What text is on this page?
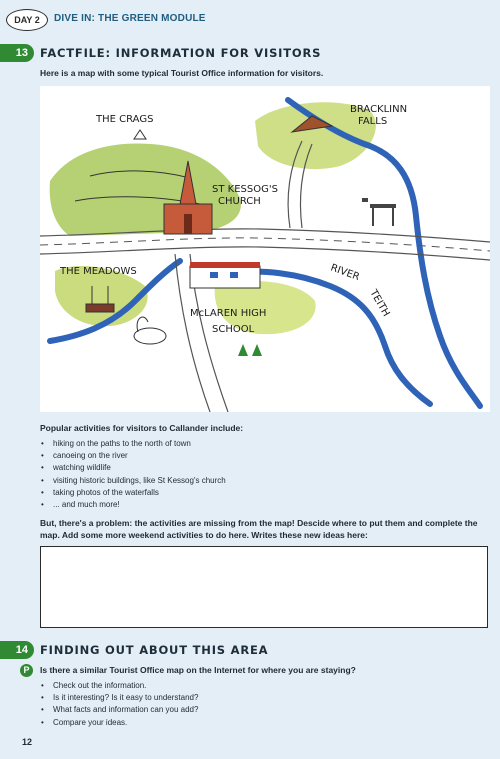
DAY 2	DIVE IN: THE GREEN MODULE
13	FACTFILE: INFORMATION FOR VISITORS
Here is a map with some typical Tourist Office information for visitors.
THE CRAGS
BRACKLINN
FALLS
ST KESSOG'S
CHURCH
THE MEADOWS	RIVER
TEITH
McLAREN HIGH
SCHOOL
Popular activities for visitors to Callander include:
• hiking on the paths to the north of town
• canoeing on the river
• watching wildlife
• visiting historic buildings, like St Kessog's church
• taking photos of the waterfalls
• ... and much more!
But, there's a problem: the activities are missing from the map! Descide where to put them and complete the map. Add some more weekend activities to do here. Writes these new ideas here:
14	FINDING OUT ABOUT THIS AREA
P	Is there a similar Tourist Office map on the Internet for where you are staying?
• Check out the information.
• Is it interesting? Is it easy to understand?
• What facts and information can you add?
• Compare your ideas.
12
